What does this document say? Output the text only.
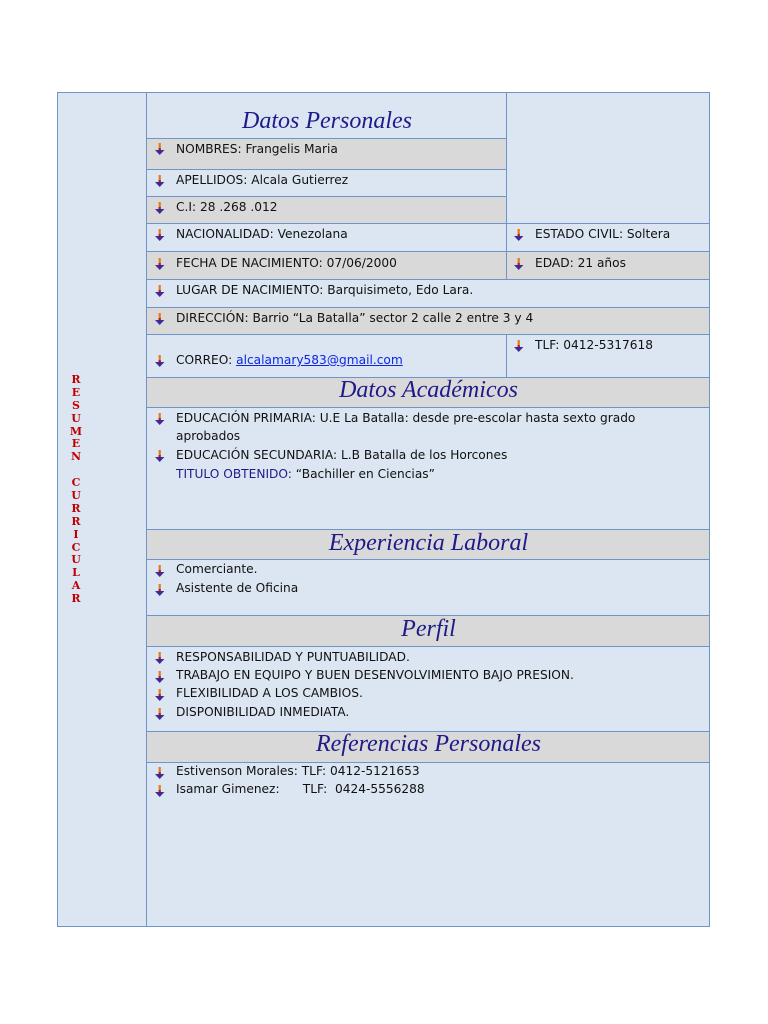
R
E
S
U
M
E
N
C
U
R
R
I
C
U
L
A
R
Datos Personales
Datos Académicos
Experiencia Laboral
Perfil
Referencias Personales
NOMBRES: Frangelis Maria
APELLIDOS: Alcala Gutierrez
C.I: 28 .268 .012
NACIONALIDAD: Venezolana	ESTADO CIVIL: Soltera
FECHA DE NACIMIENTO: 07/06/2000	EDAD: 21 años
LUGAR DE NACIMIENTO: Barquisimeto, Edo Lara.
DIRECCIÓN: Barrio “La Batalla” sector 2 calle 2 entre 3 y 4
TLF: 0412-5317618
CORREO: alcalamary583@gmail.com
EDUCACIÓN PRIMARIA: U.E La Batalla: desde pre-escolar hasta sexto grado
aprobados
EDUCACIÓN SECUNDARIA: L.B Batalla de los Horcones
TITULO OBTENIDO: “Bachiller en Ciencias”
Comerciante.
Asistente de Oficina
RESPONSABILIDAD Y PUNTUABILIDAD.
TRABAJO EN EQUIPO Y BUEN DESENVOLVIMIENTO BAJO PRESION.
FLEXIBILIDAD A LOS CAMBIOS.
DISPONIBILIDAD INMEDIATA.
Estivenson Morales: TLF: 0412-5121653
Isamar Gimenez:      TLF:  0424-5556288
